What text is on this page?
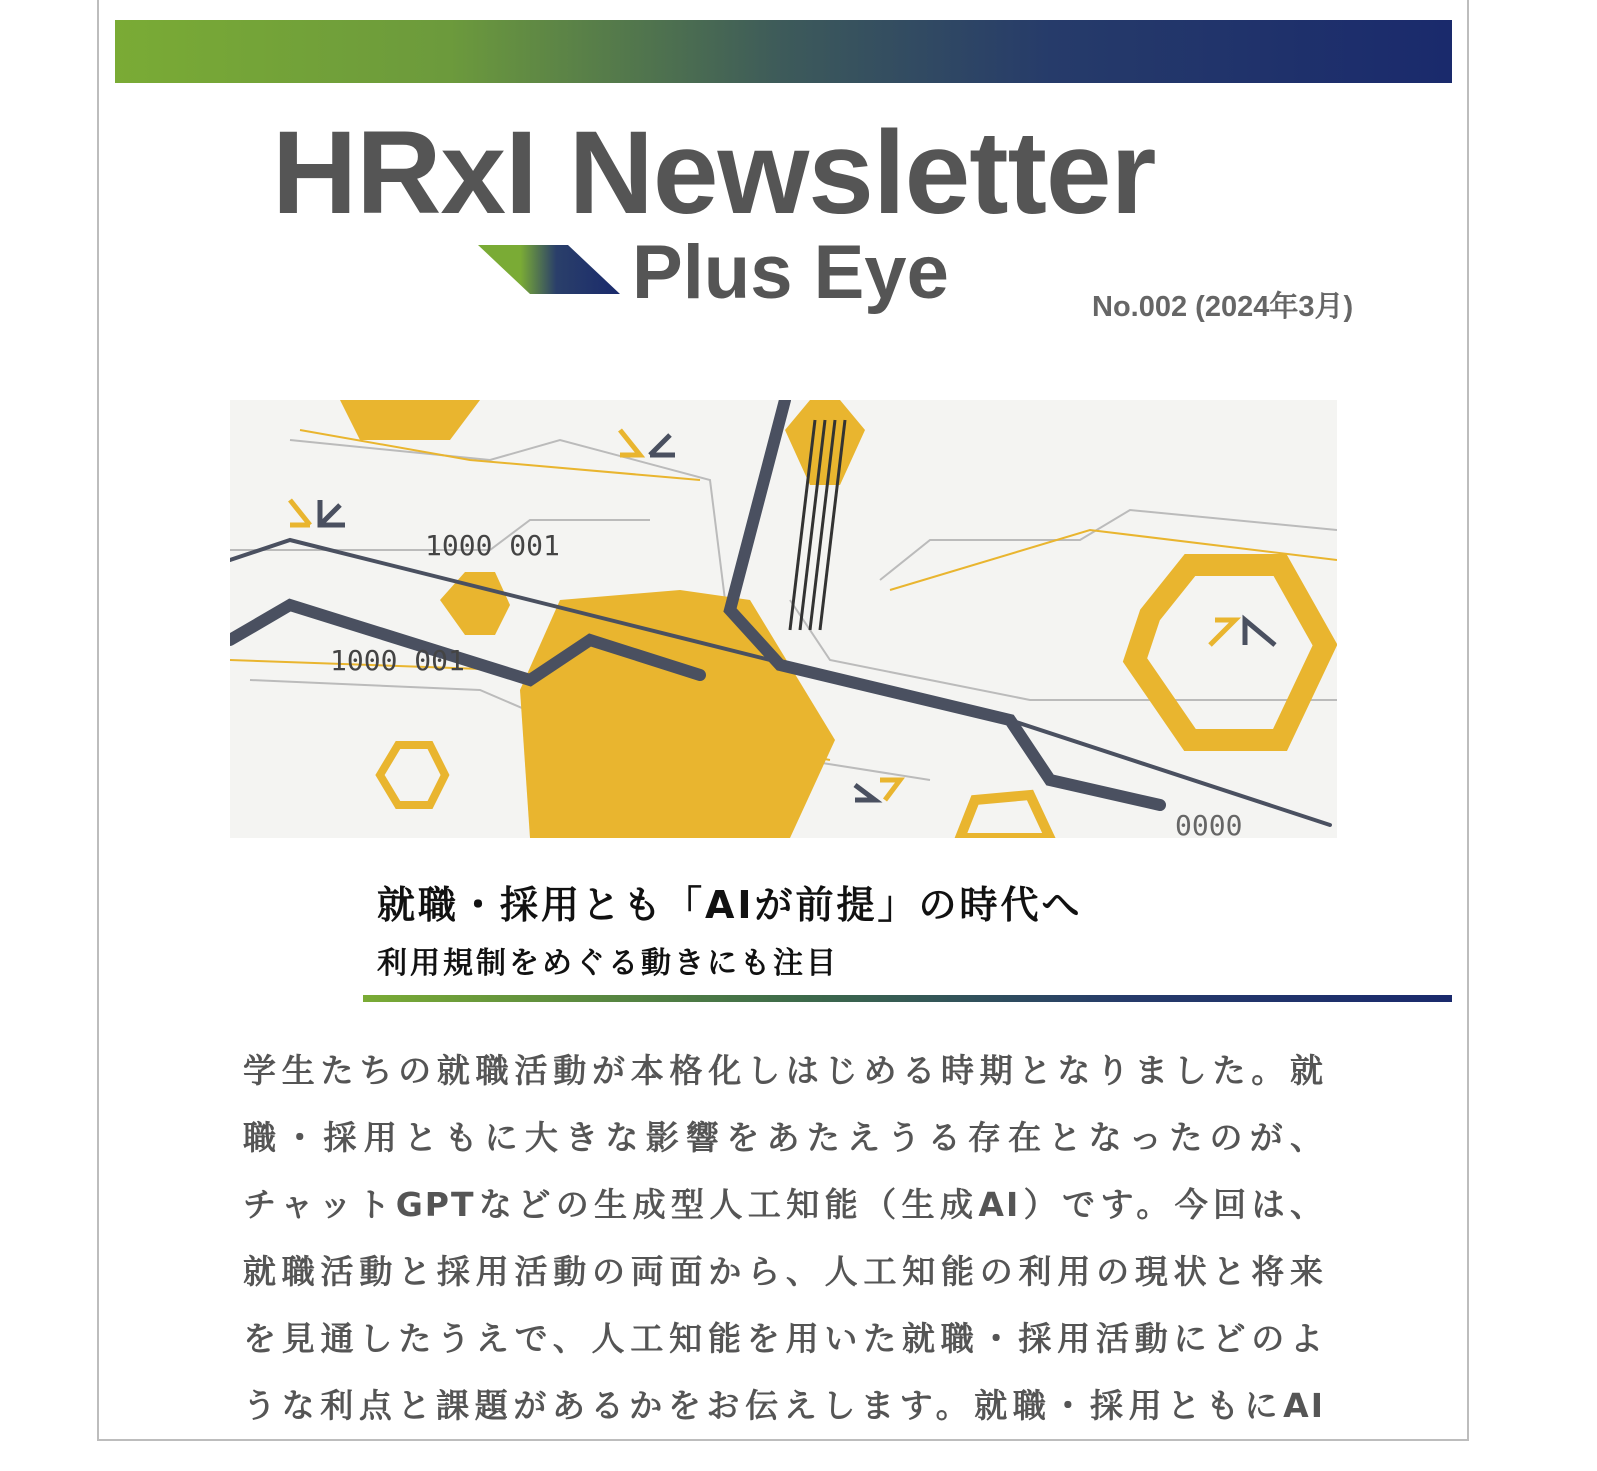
HRxI Newsletter
Plus Eye	No.002 (2024年3月)
1000 001
1000 001
0000
就職・採用とも「AIが前提」の時代へ
利用規制をめぐる動きにも注目
学生たちの就職活動が本格化しはじめる時期となりました。就
職・採用ともに大きな影響をあたえうる存在となったのが、
チャットGPTなどの生成型人工知能（生成AI）です。今回は、
就職活動と採用活動の両面から、人工知能の利用の現状と将来
を見通したうえで、人工知能を用いた就職・採用活動にどのよ
うな利点と課題があるかをお伝えします。就職・採用ともにAI
